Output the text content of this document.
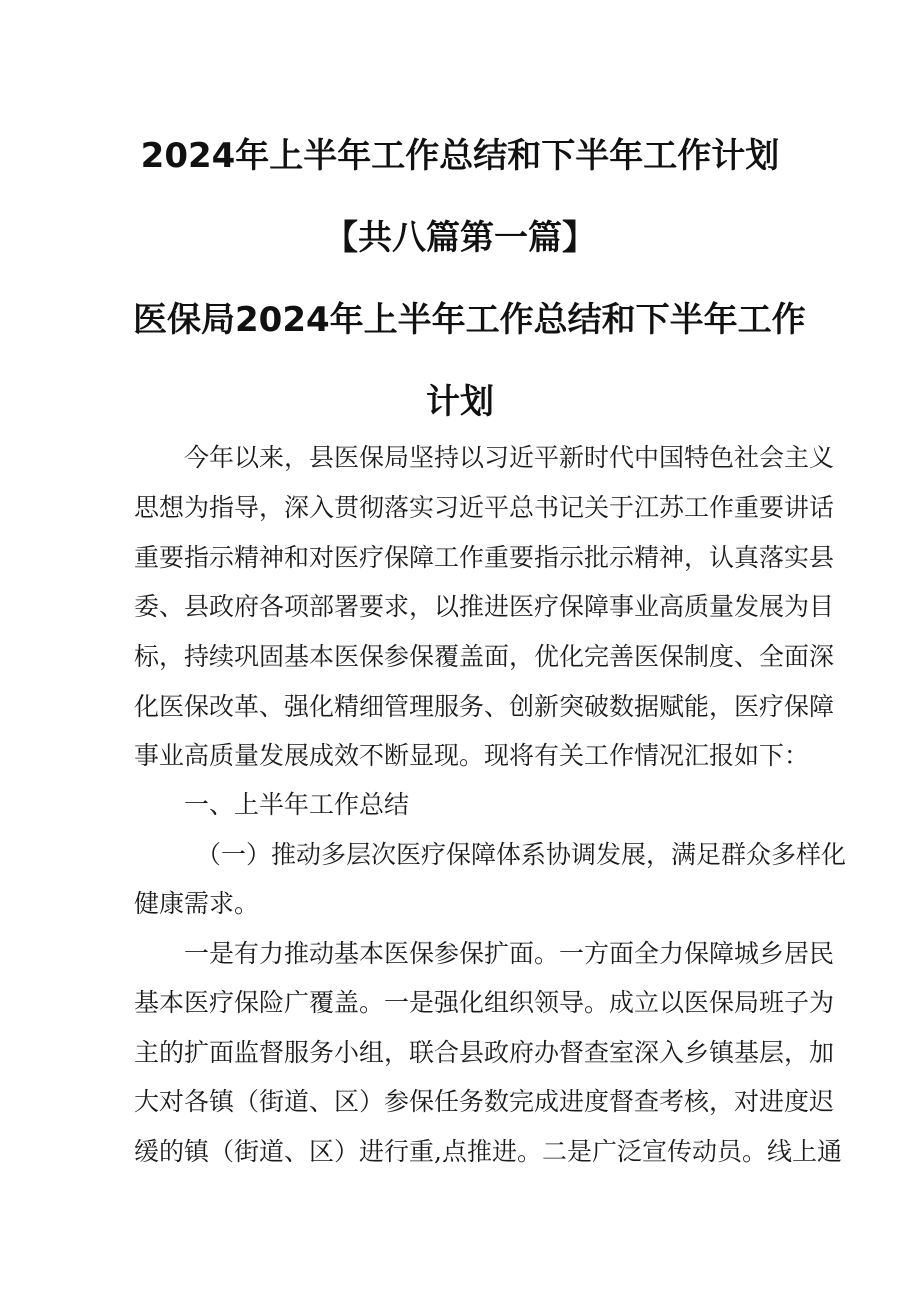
2024年上半年工作总结和下半年工作计划
【共八篇第一篇】
医保局2024年上半年工作总结和下半年工作
计划

今年以来，县医保局坚持以习近平新时代中国特色社会主义

思想为指导，深入贯彻落实习近平总书记关于江苏工作重要讲话

重要指示精神和对医疗保障工作重要指示批示精神，认真落实县

委、县政府各项部署要求，以推进医疗保障事业高质量发展为目

标，持续巩固基本医保参保覆盖面，优化完善医保制度、全面深

化医保改革、强化精细管理服务、创新突破数据赋能，医疗保障

事业高质量发展成效不断显现。现将有关工作情况汇报如下：

一、上半年工作总结

（一）推动多层次医疗保障体系协调发展，满足群众多样化

健康需求。

一是有力推动基本医保参保扩面。一方面全力保障城乡居民

基本医疗保险广覆盖。一是强化组织领导。成立以医保局班子为

主的扩面监督服务小组，联合县政府办督查室深入乡镇基层，加

大对各镇（街道、区）参保任务数完成进度督查考核，对进度迟

缓的镇（街道、区）进行重,点推进。二是广泛宣传动员。线上通
